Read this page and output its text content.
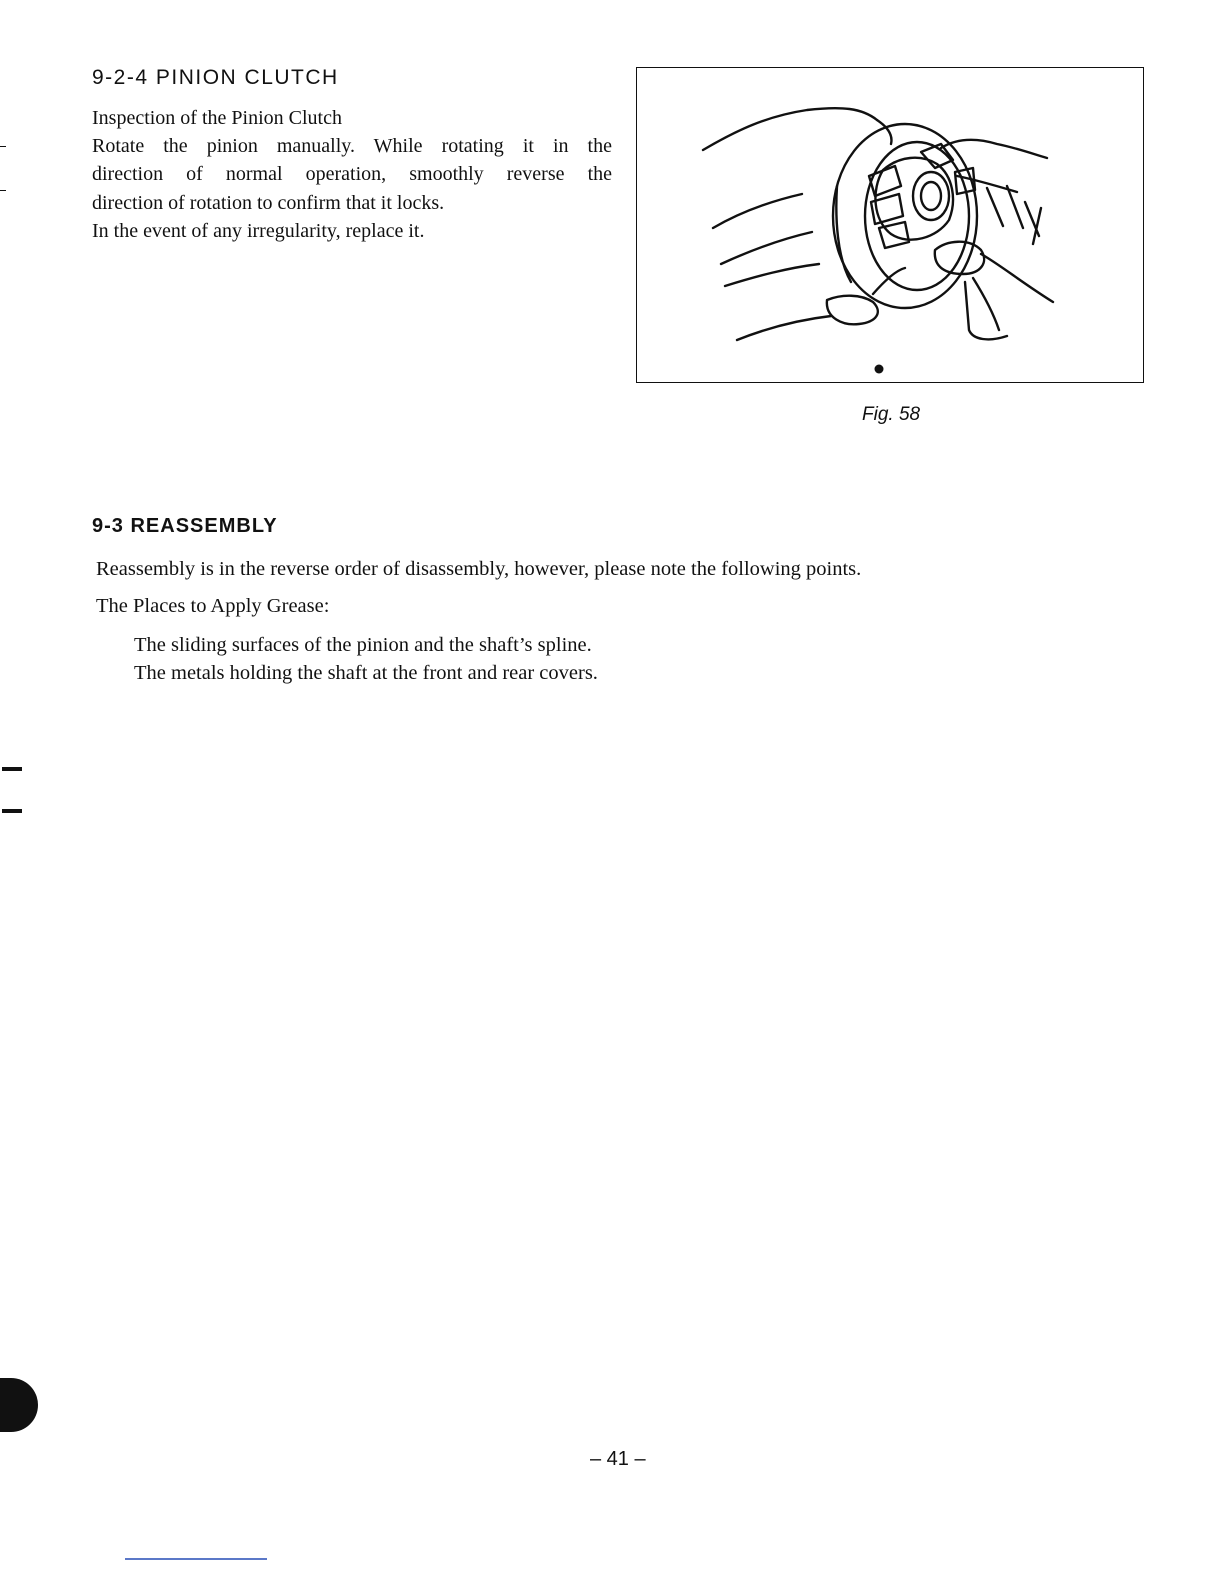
9-2-4 PINION CLUTCH

Inspection of the Pinion Clutch

Rotate the pinion manually. While rotating it in the

direction of normal operation, smoothly reverse the

direction of rotation to confirm that it locks.

In the event of any irregularity, replace it.

Fig. 58
9-3 REASSEMBLY
Reassembly is in the reverse order of disassembly, however, please note the following points.
The Places to Apply Grease:
The sliding surfaces of the pinion and the shaft’s spline.
The metals holding the shaft at the front and rear covers.
– 41 –
